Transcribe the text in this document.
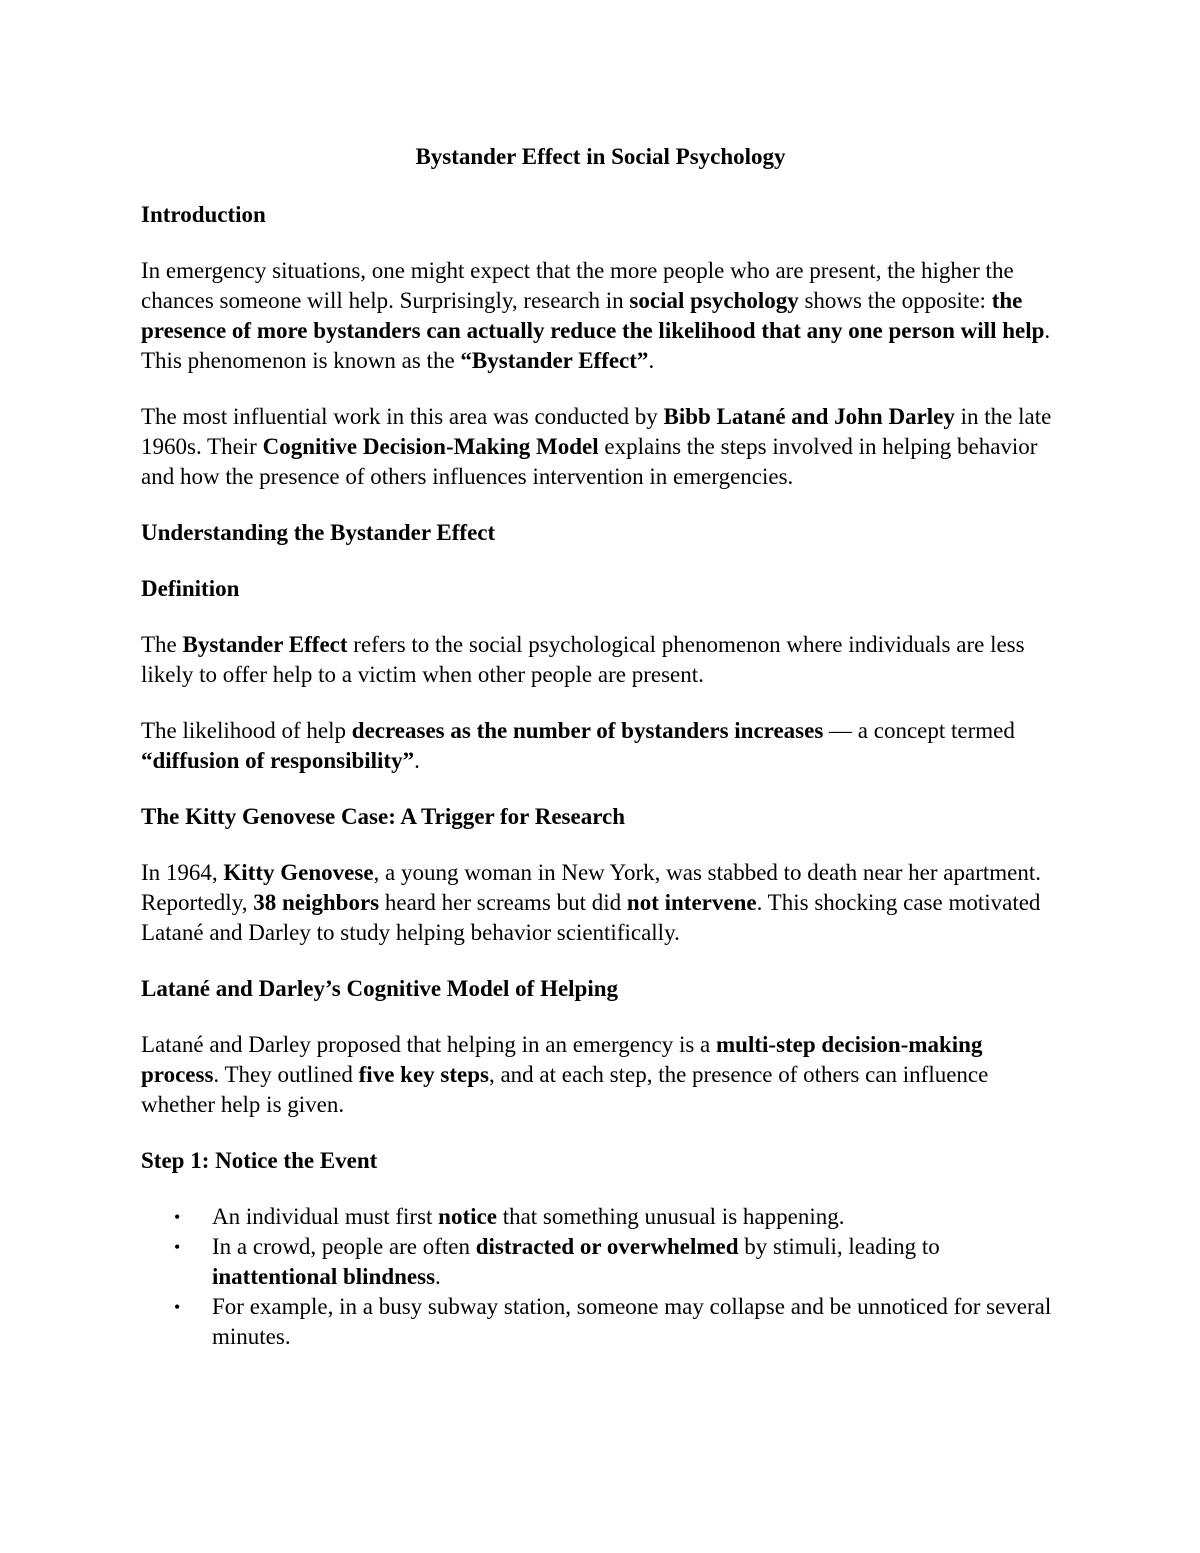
Bystander Effect in Social Psychology
Introduction

In emergency situations, one might expect that the more people who are present, the higher the chances someone will help. Surprisingly, research in social psychology shows the opposite: the presence of more bystanders can actually reduce the likelihood that any one person will help. This phenomenon is known as the “Bystander Effect”.

The most influential work in this area was conducted by Bibb Latané and John Darley in the late 1960s. Their Cognitive Decision-Making Model explains the steps involved in helping behavior and how the presence of others influences intervention in emergencies.

Understanding the Bystander Effect
Definition

The Bystander Effect refers to the social psychological phenomenon where individuals are less likely to offer help to a victim when other people are present.

The likelihood of help decreases as the number of bystanders increases — a concept termed “diffusion of responsibility”.

The Kitty Genovese Case: A Trigger for Research

In 1964, Kitty Genovese, a young woman in New York, was stabbed to death near her apartment. Reportedly, 38 neighbors heard her screams but did not intervene. This shocking case motivated Latané and Darley to study helping behavior scientifically.

Latané and Darley’s Cognitive Model of Helping

Latané and Darley proposed that helping in an emergency is a multi-step decision-making process. They outlined five key steps, and at each step, the presence of others can influence whether help is given.

Step 1: Notice the Event
• An individual must first notice that something unusual is happening.
• In a crowd, people are often distracted or overwhelmed by stimuli, leading to inattentional blindness.
• For example, in a busy subway station, someone may collapse and be unnoticed for several minutes.
